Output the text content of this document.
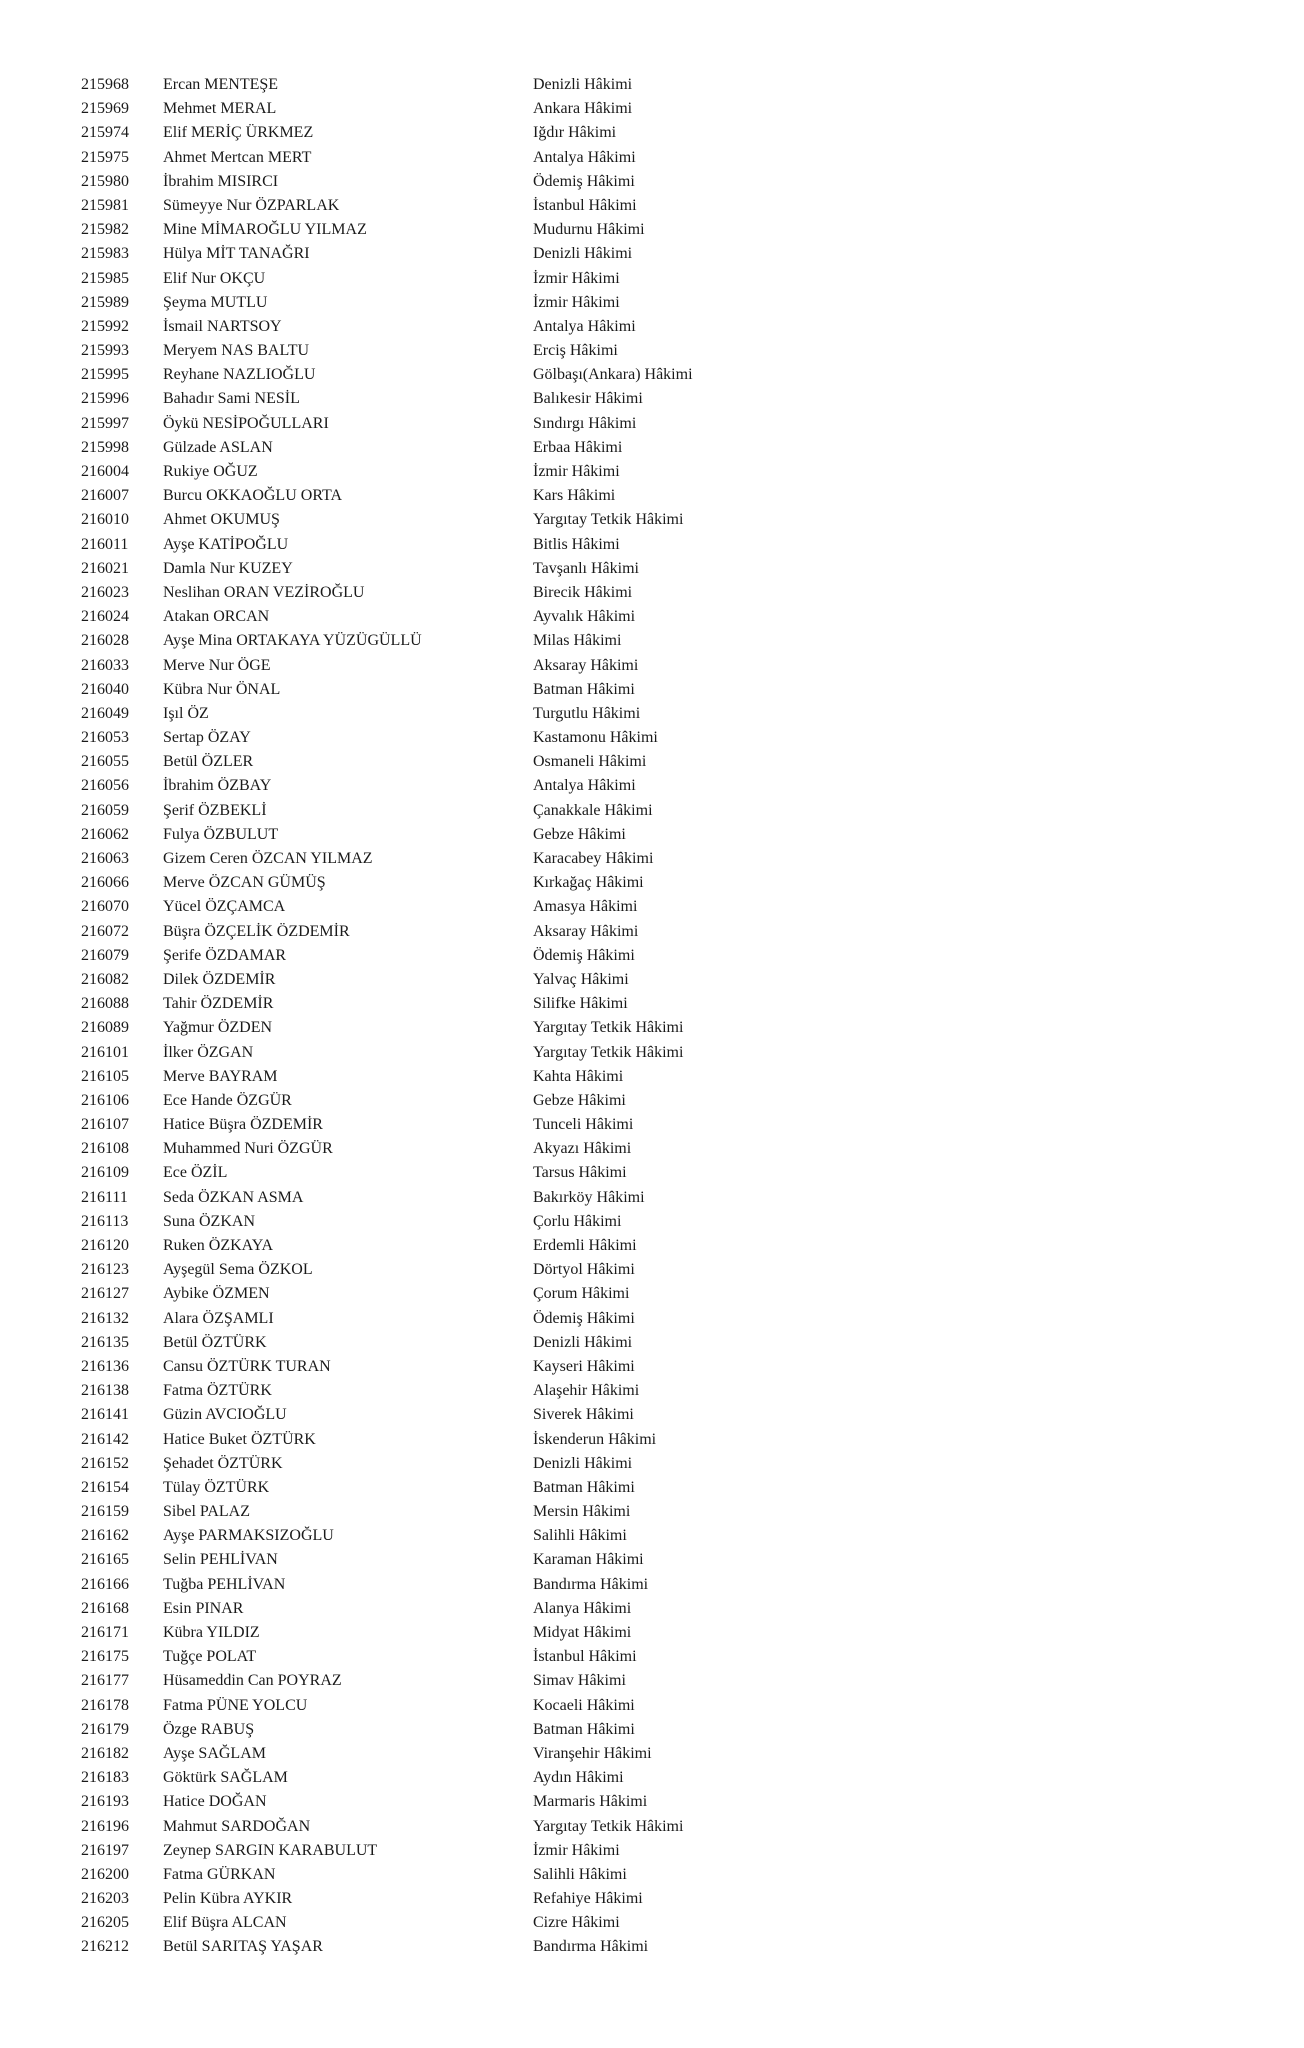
215968 Ercan MENTEŞE	Denizli Hâkimi
215969 Mehmet MERAL	Ankara Hâkimi
215974 Elif MERİÇ ÜRKMEZ	Iğdır Hâkimi
215975 Ahmet Mertcan MERT	Antalya Hâkimi
215980 İbrahim MISIRCI	Ödemiş Hâkimi
215981 Sümeyye Nur ÖZPARLAK	İstanbul Hâkimi
215982 Mine MİMAROĞLU YILMAZ	Mudurnu Hâkimi
215983 Hülya MİT TANAĞRI	Denizli Hâkimi
215985 Elif Nur OKÇU	İzmir Hâkimi
215989 Şeyma MUTLU	İzmir Hâkimi
215992 İsmail NARTSOY	Antalya Hâkimi
215993 Meryem NAS BALTU	Erciş Hâkimi
215995 Reyhane NAZLIOĞLU	Gölbaşı(Ankara) Hâkimi
215996 Bahadır Sami NESİL	Balıkesir Hâkimi
215997 Öykü NESİPOĞULLARI	Sındırgı Hâkimi
215998 Gülzade ASLAN	Erbaa Hâkimi
216004 Rukiye OĞUZ	İzmir Hâkimi
216007 Burcu OKKAOĞLU ORTA	Kars Hâkimi
216010 Ahmet OKUMUŞ	Yargıtay Tetkik Hâkimi
216011 Ayşe KATİPOĞLU	Bitlis Hâkimi
216021 Damla Nur KUZEY	Tavşanlı Hâkimi
216023 Neslihan ORAN VEZİROĞLU	Birecik Hâkimi
216024 Atakan ORCAN	Ayvalık Hâkimi
216028 Ayşe Mina ORTAKAYA YÜZÜGÜLLÜ	Milas Hâkimi
216033 Merve Nur ÖGE	Aksaray Hâkimi
216040 Kübra Nur ÖNAL	Batman Hâkimi
216049 Işıl ÖZ	Turgutlu Hâkimi
216053 Sertap ÖZAY	Kastamonu Hâkimi
216055 Betül ÖZLER	Osmaneli Hâkimi
216056 İbrahim ÖZBAY	Antalya Hâkimi
216059 Şerif ÖZBEKLİ	Çanakkale Hâkimi
216062 Fulya ÖZBULUT	Gebze Hâkimi
216063 Gizem Ceren ÖZCAN YILMAZ	Karacabey Hâkimi
216066 Merve ÖZCAN GÜMÜŞ	Kırkağaç Hâkimi
216070 Yücel ÖZÇAMCA	Amasya Hâkimi
216072 Büşra ÖZÇELİK ÖZDEMİR	Aksaray Hâkimi
216079 Şerife ÖZDAMAR	Ödemiş Hâkimi
216082 Dilek ÖZDEMİR	Yalvaç Hâkimi
216088 Tahir ÖZDEMİR	Silifke Hâkimi
216089 Yağmur ÖZDEN	Yargıtay Tetkik Hâkimi
216101 İlker ÖZGAN	Yargıtay Tetkik Hâkimi
216105 Merve BAYRAM	Kahta Hâkimi
216106 Ece Hande ÖZGÜR	Gebze Hâkimi
216107 Hatice Büşra ÖZDEMİR	Tunceli Hâkimi
216108 Muhammed Nuri ÖZGÜR	Akyazı Hâkimi
216109 Ece ÖZİL	Tarsus Hâkimi
216111 Seda ÖZKAN ASMA	Bakırköy Hâkimi
216113 Suna ÖZKAN	Çorlu Hâkimi
216120 Ruken ÖZKAYA	Erdemli Hâkimi
216123 Ayşegül Sema ÖZKOL	Dörtyol Hâkimi
216127 Aybike ÖZMEN	Çorum Hâkimi
216132 Alara ÖZŞAMLI	Ödemiş Hâkimi
216135 Betül ÖZTÜRK	Denizli Hâkimi
216136 Cansu ÖZTÜRK TURAN	Kayseri Hâkimi
216138 Fatma ÖZTÜRK	Alaşehir Hâkimi
216141 Güzin AVCIOĞLU	Siverek Hâkimi
216142 Hatice Buket ÖZTÜRK	İskenderun Hâkimi
216152 Şehadet ÖZTÜRK	Denizli Hâkimi
216154 Tülay ÖZTÜRK	Batman Hâkimi
216159 Sibel PALAZ	Mersin Hâkimi
216162 Ayşe PARMAKSIZOĞLU	Salihli Hâkimi
216165 Selin PEHLİVAN	Karaman Hâkimi
216166 Tuğba PEHLİVAN	Bandırma Hâkimi
216168 Esin PINAR	Alanya Hâkimi
216171 Kübra YILDIZ	Midyat Hâkimi
216175 Tuğçe POLAT	İstanbul Hâkimi
216177 Hüsameddin Can POYRAZ	Simav Hâkimi
216178 Fatma PÜNE YOLCU	Kocaeli Hâkimi
216179 Özge RABUŞ	Batman Hâkimi
216182 Ayşe SAĞLAM	Viranşehir Hâkimi
216183 Göktürk SAĞLAM	Aydın Hâkimi
216193 Hatice DOĞAN	Marmaris Hâkimi
216196 Mahmut SARDOĞAN	Yargıtay Tetkik Hâkimi
216197 Zeynep SARGIN KARABULUT	İzmir Hâkimi
216200 Fatma GÜRKAN	Salihli Hâkimi
216203 Pelin Kübra AYKIR	Refahiye Hâkimi
216205 Elif Büşra ALCAN	Cizre Hâkimi
216212 Betül SARITAŞ YAŞAR	Bandırma Hâkimi
